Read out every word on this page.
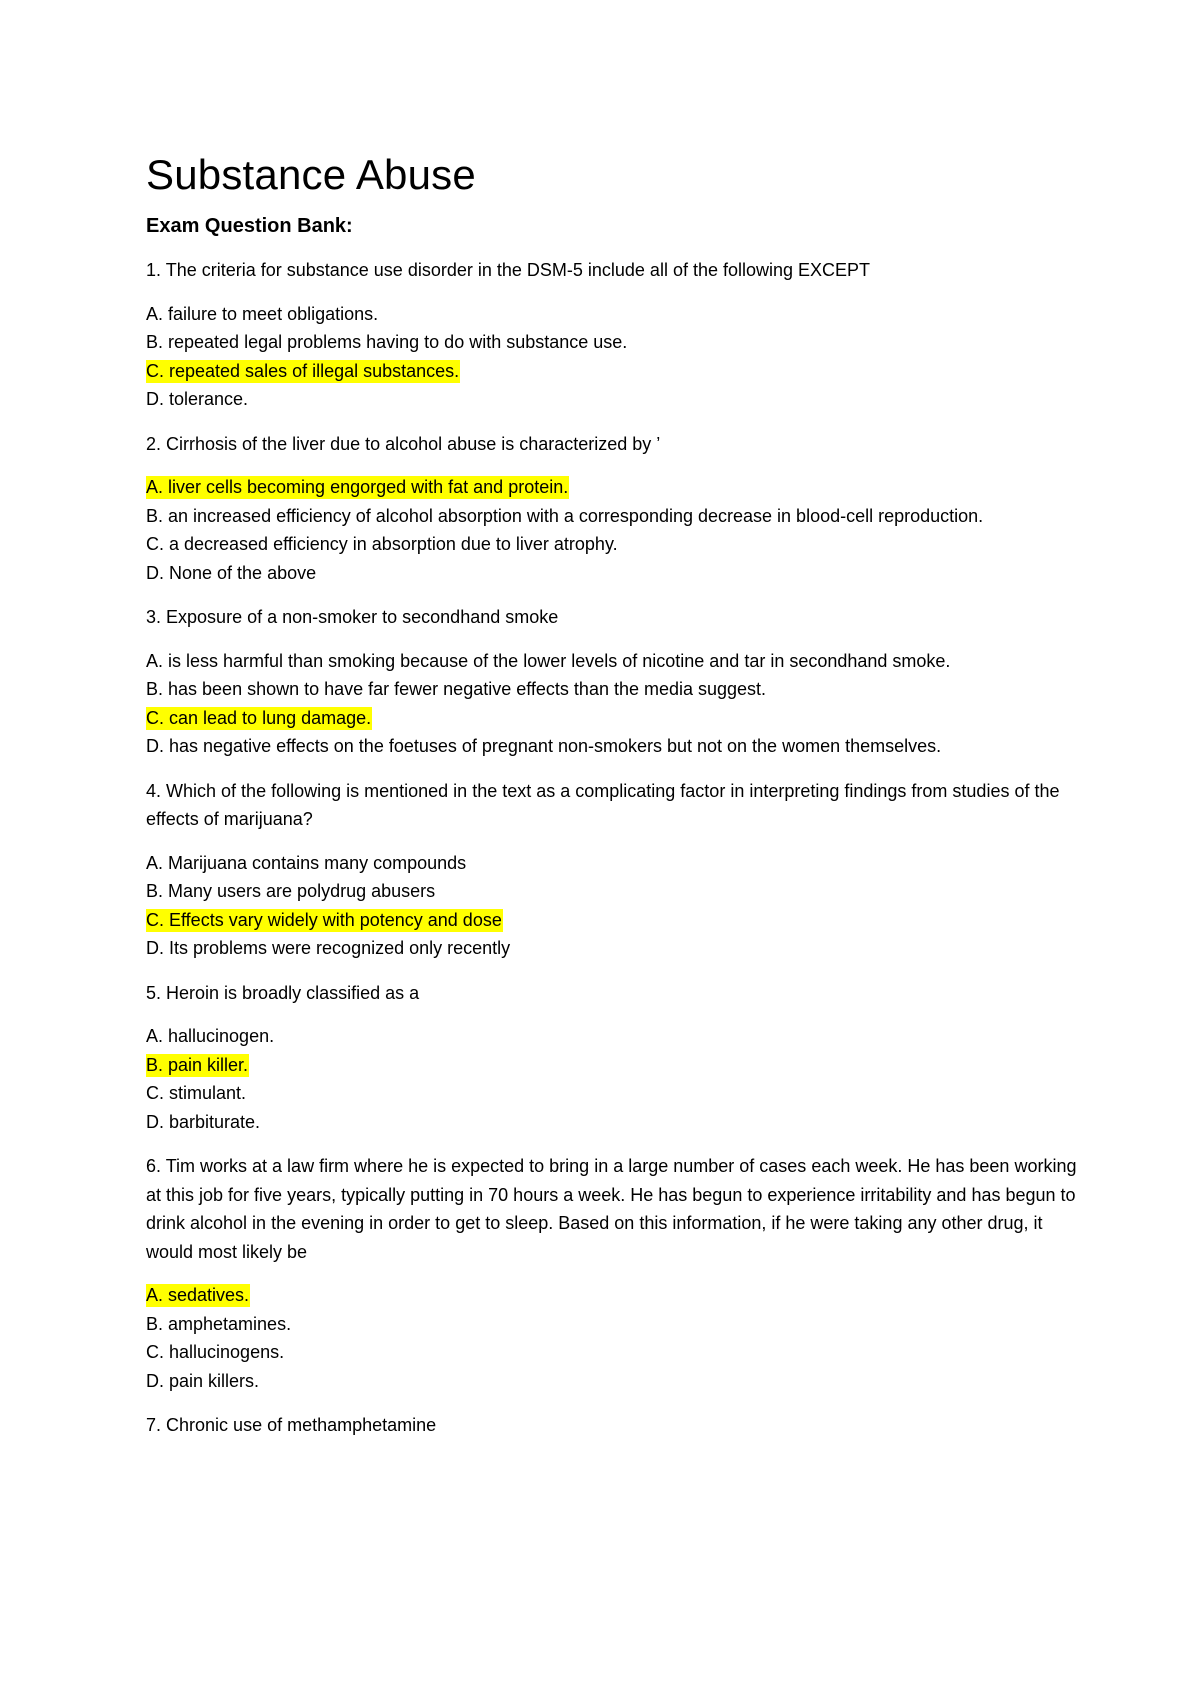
Substance Abuse
Exam Question Bank:

1. The criteria for substance use disorder in the DSM-5 include all of the following EXCEPT

A. failure to meet obligations.
B. repeated legal problems having to do with substance use.
C. repeated sales of illegal substances.
D. tolerance.

2. Cirrhosis of the liver due to alcohol abuse is characterized by ’

A. liver cells becoming engorged with fat and protein.
B. an increased efficiency of alcohol absorption with a corresponding decrease in blood-cell reproduction.
C. a decreased efficiency in absorption due to liver atrophy.
D. None of the above

3. Exposure of a non-smoker to secondhand smoke

A. is less harmful than smoking because of the lower levels of nicotine and tar in secondhand smoke.
B. has been shown to have far fewer negative effects than the media suggest.
C. can lead to lung damage.
D. has negative effects on the foetuses of pregnant non-smokers but not on the women themselves.

4. Which of the following is mentioned in the text as a complicating factor in interpreting findings from studies of the effects of marijuana?

A. Marijuana contains many compounds
B. Many users are polydrug abusers
C. Effects vary widely with potency and dose
D. Its problems were recognized only recently

5. Heroin is broadly classified as a

A. hallucinogen.
B. pain killer.
C. stimulant.
D. barbiturate.

6. Tim works at a law firm where he is expected to bring in a large number of cases each week. He has been working at this job for five years, typically putting in 70 hours a week. He has begun to experience irritability and has begun to drink alcohol in the evening in order to get to sleep. Based on this information, if he were taking any other drug, it would most likely be

A. sedatives.
B. amphetamines.
C. hallucinogens.
D. pain killers.

7. Chronic use of methamphetamine
